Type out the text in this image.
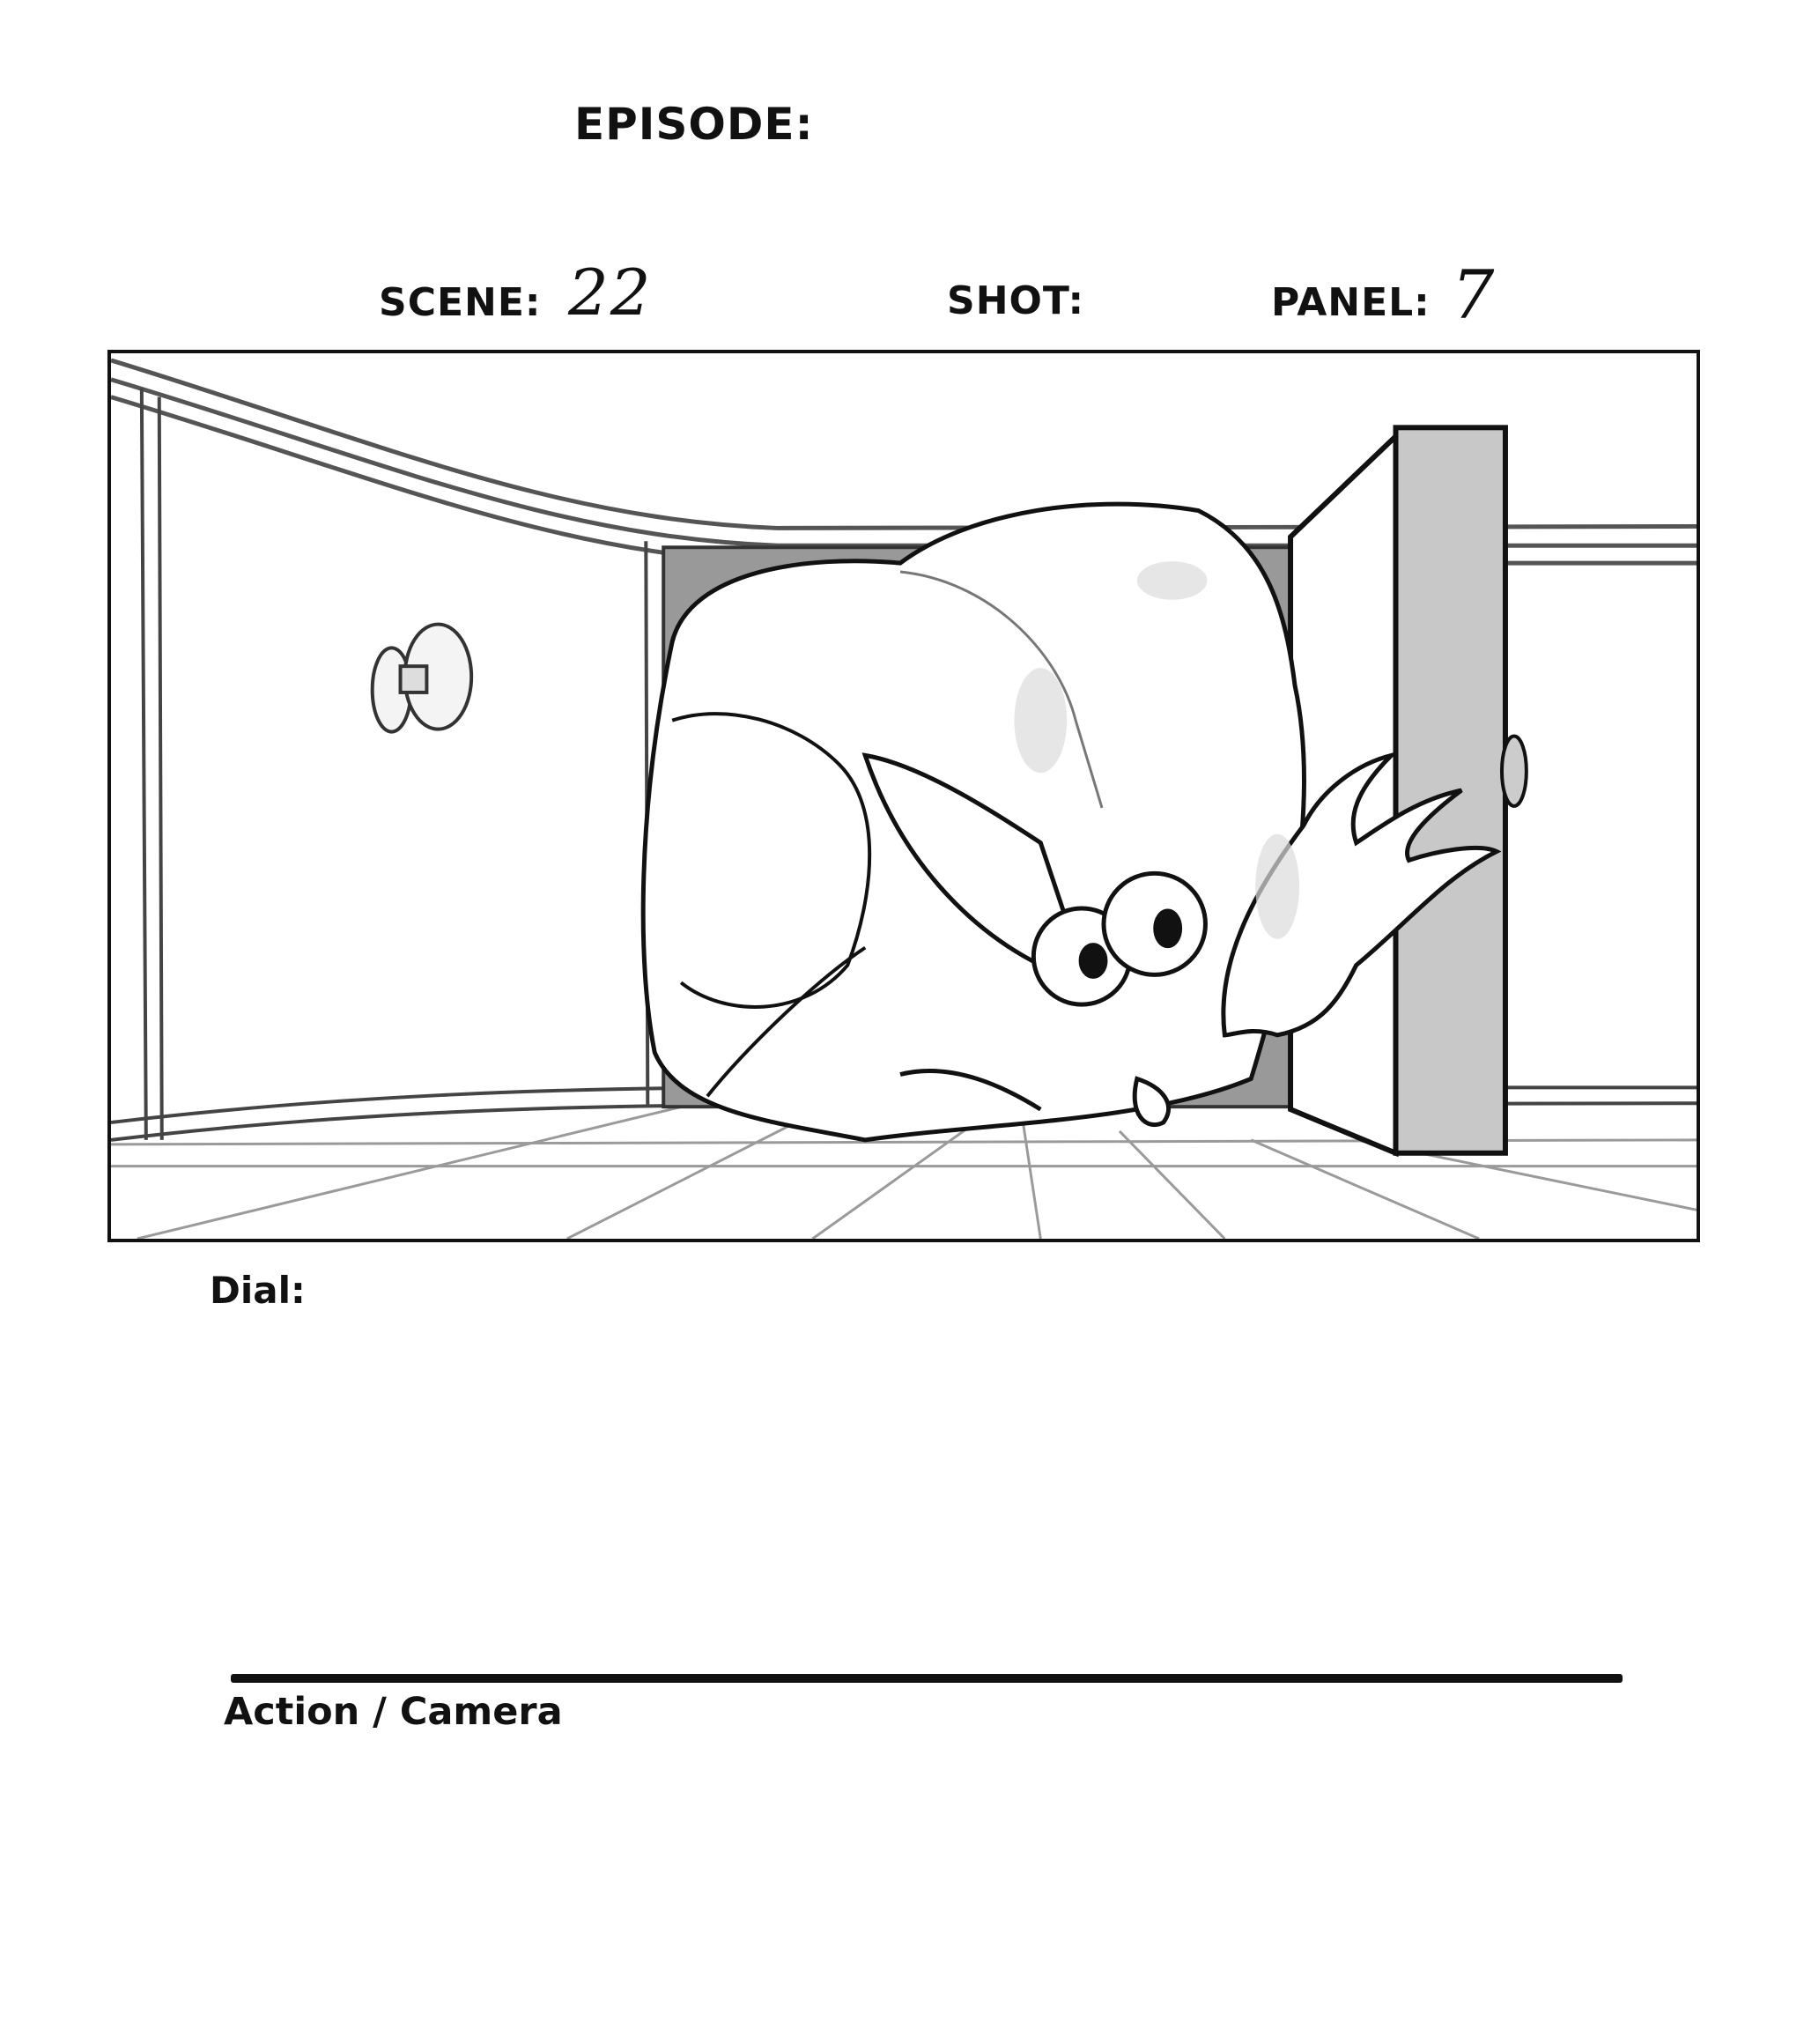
EPISODE:
SCENE: 22	SHOT:	PANEL: 7
Dial:
Action / Camera
